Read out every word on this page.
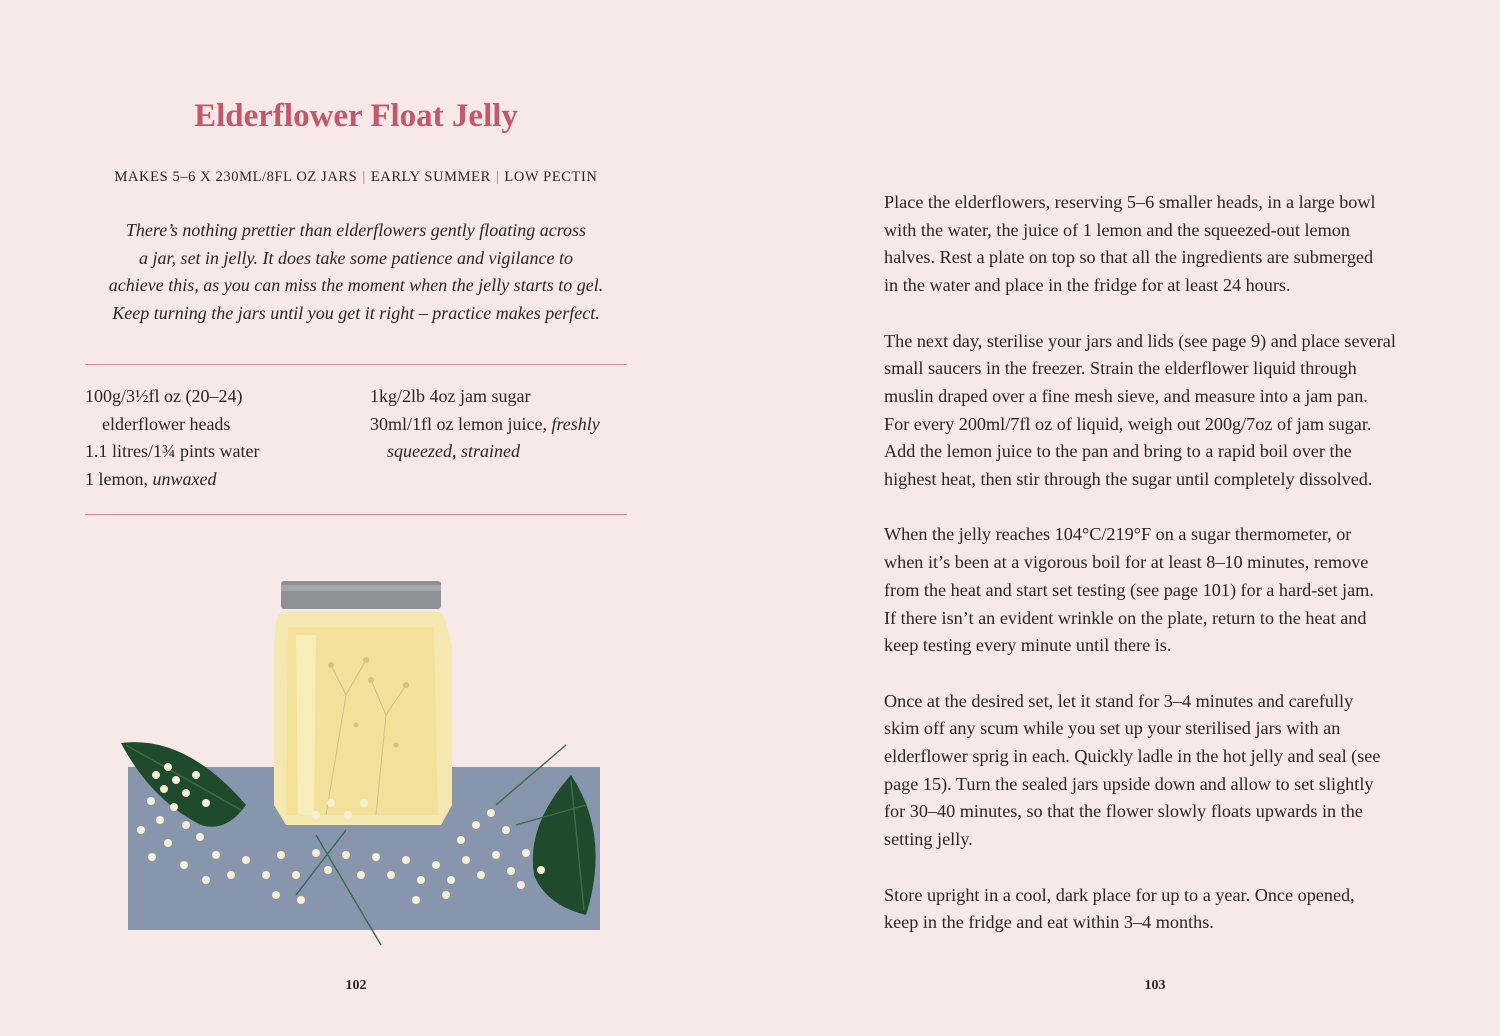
Elderflower Float Jelly
MAKES 5–6 X 230ML/8FL OZ JARS | EARLY SUMMER | LOW PECTIN
There’s nothing prettier than elderflowers gently floating across
a jar, set in jelly. It does take some patience and vigilance to
achieve this, as you can miss the moment when the jelly starts to gel.
Keep turning the jars until you get it right – practice makes perfect.
100g/3½fl oz (20–24)
elderflower heads
1.1 litres/1¾ pints water
1 lemon, unwaxed
1kg/2lb 4oz jam sugar
30ml/1fl oz lemon juice, freshly
squeezed, strained
102
Place the elderflowers, reserving 5–6 smaller heads, in a large bowl
with the water, the juice of 1 lemon and the squeezed-out lemon
halves. Rest a plate on top so that all the ingredients are submerged
in the water and place in the fridge for at least 24 hours.
The next day, sterilise your jars and lids (see page 9) and place several
small saucers in the freezer. Strain the elderflower liquid through
muslin draped over a fine mesh sieve, and measure into a jam pan.
For every 200ml/7fl oz of liquid, weigh out 200g/7oz of jam sugar.
Add the lemon juice to the pan and bring to a rapid boil over the
highest heat, then stir through the sugar until completely dissolved.
When the jelly reaches 104°C/219°F on a sugar thermometer, or
when it’s been at a vigorous boil for at least 8–10 minutes, remove
from the heat and start set testing (see page 101) for a hard-set jam.
If there isn’t an evident wrinkle on the plate, return to the heat and
keep testing every minute until there is.
Once at the desired set, let it stand for 3–4 minutes and carefully
skim off any scum while you set up your sterilised jars with an
elderflower sprig in each. Quickly ladle in the hot jelly and seal (see
page 15). Turn the sealed jars upside down and allow to set slightly
for 30–40 minutes, so that the flower slowly floats upwards in the
setting jelly.
Store upright in a cool, dark place for up to a year. Once opened,
keep in the fridge and eat within 3–4 months.
103
